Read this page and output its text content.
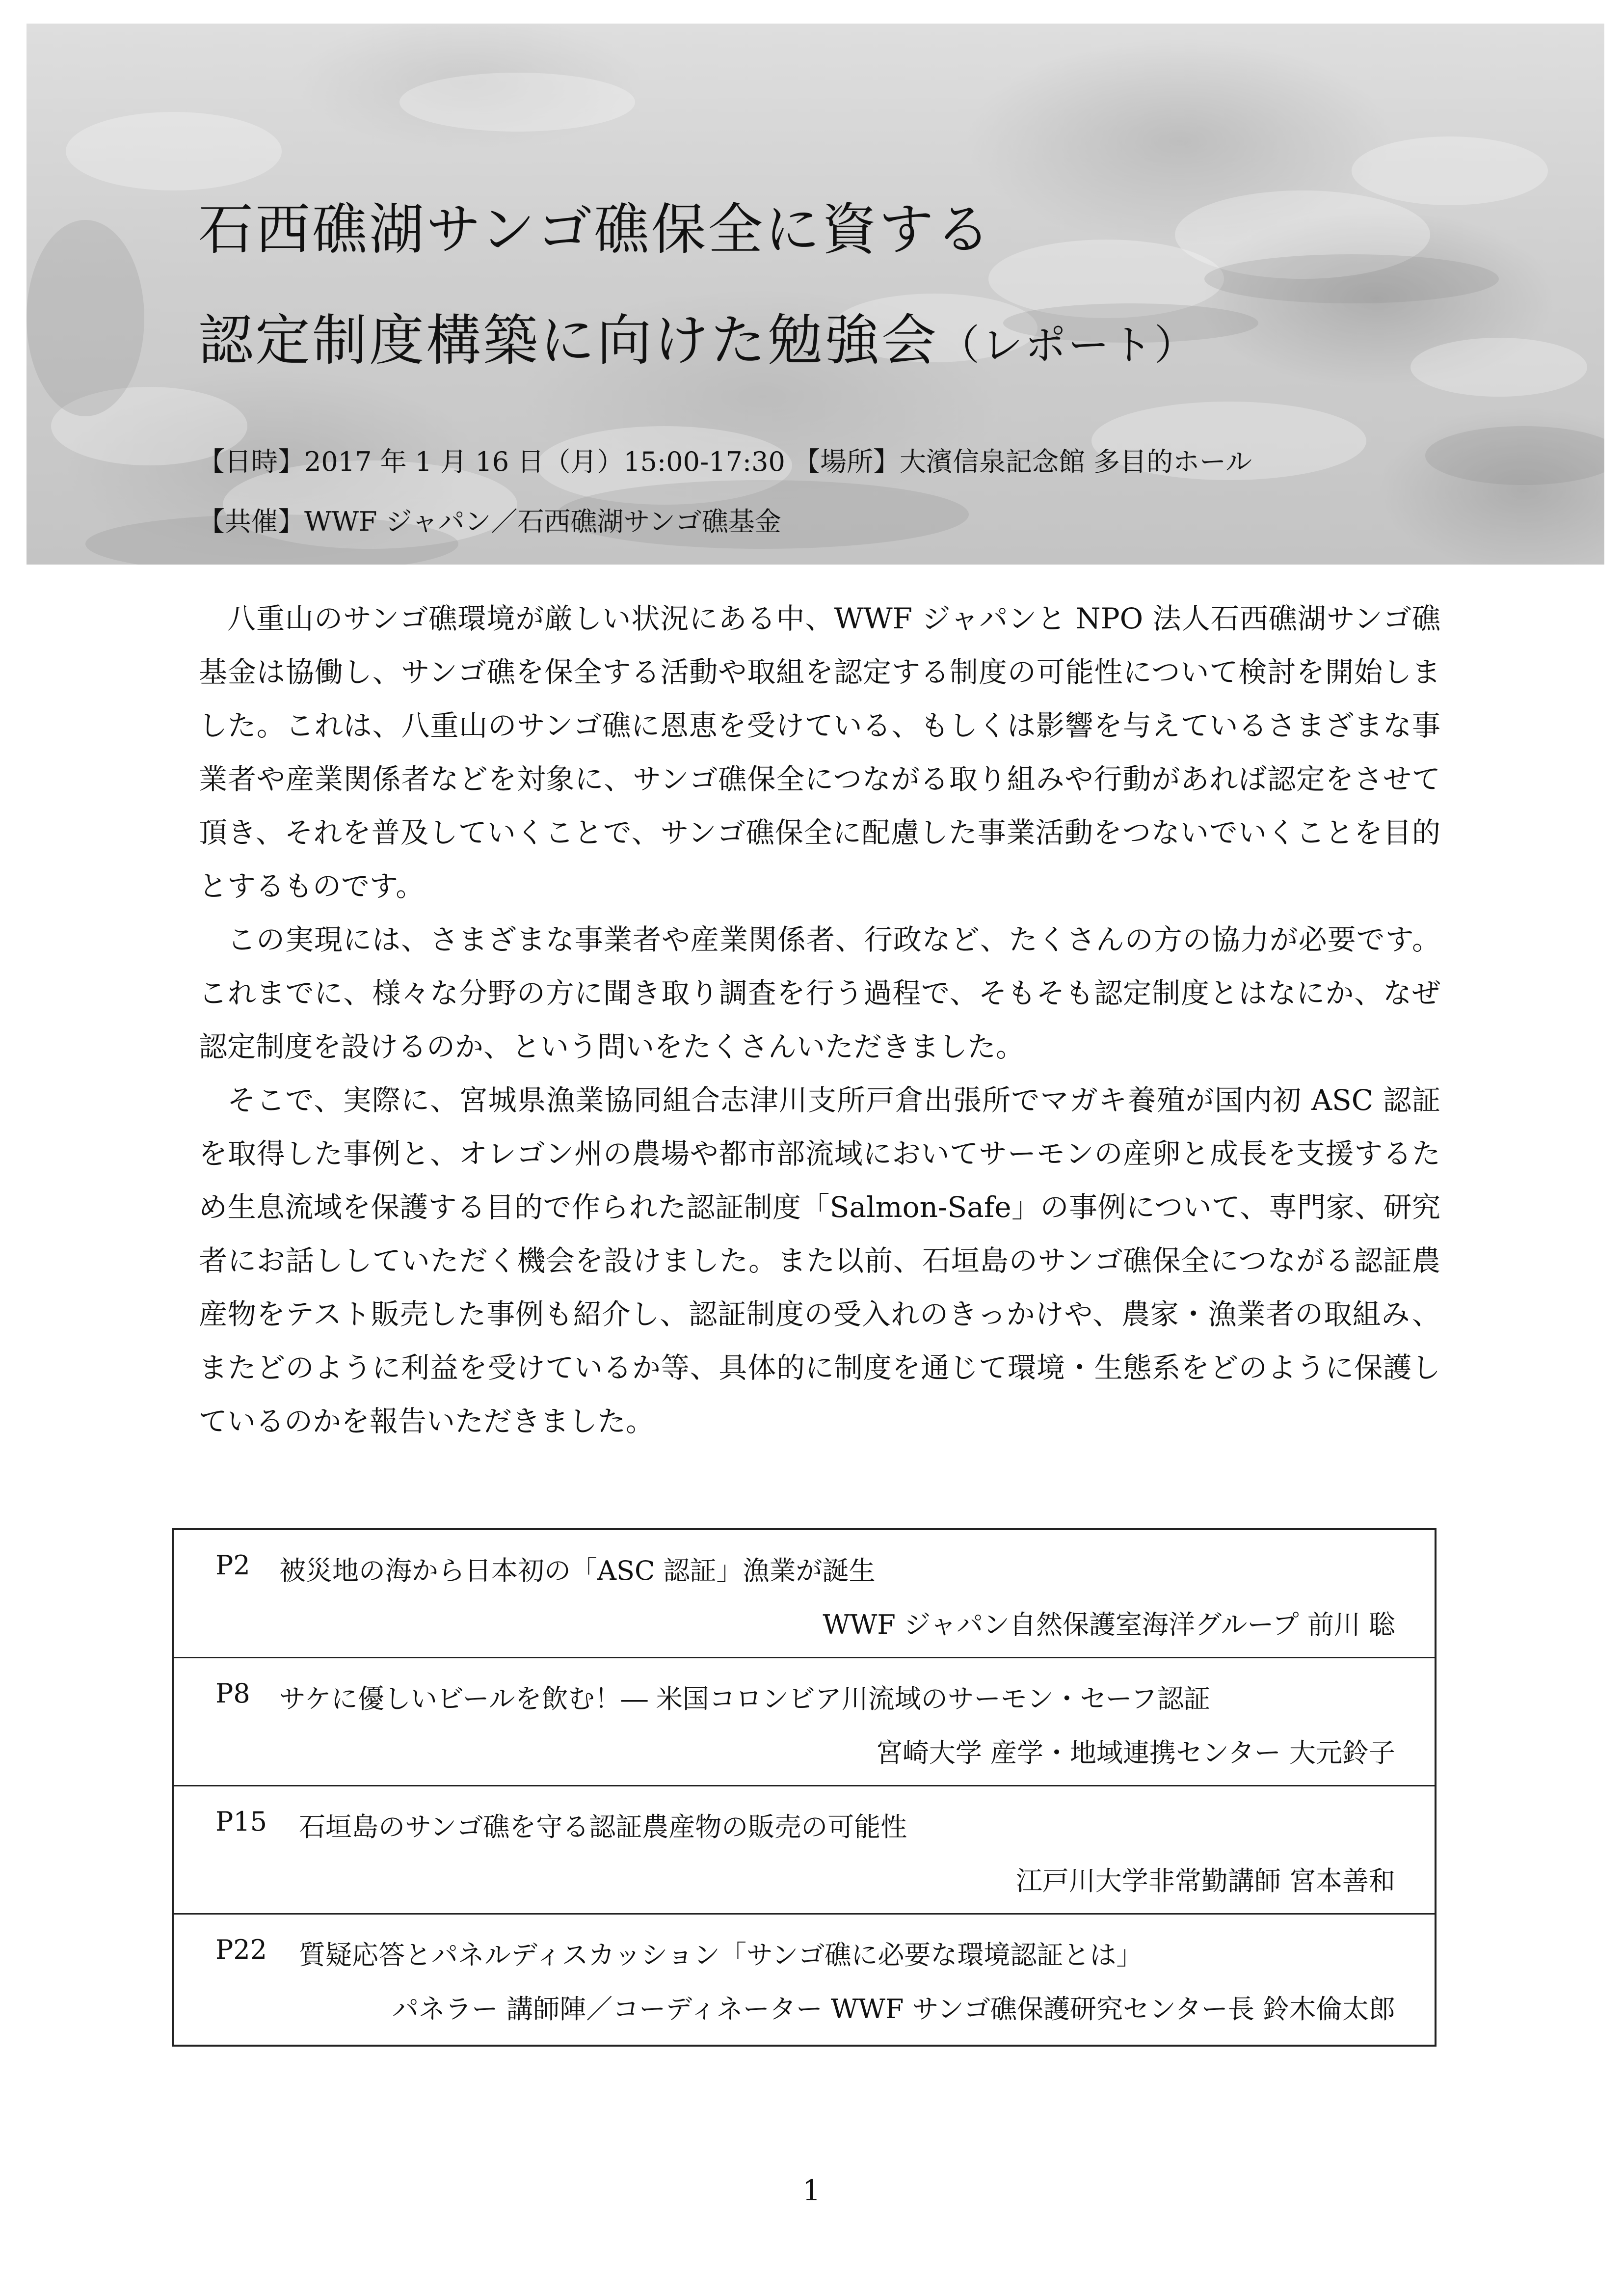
石西礁湖サンゴ礁保全に資する
認定制度構築に向けた勉強会（レポート）

【日時】2017 年 1 月 16 日（月）15:00-17:30 【場所】大濱信泉記念館 多目的ホール

【共催】WWF ジャパン／石西礁湖サンゴ礁基金

八重山のサンゴ礁環境が厳しい状況にある中、WWF ジャパンと NPO 法人石西礁湖サンゴ礁基金は協働し、サンゴ礁を保全する活動や取組を認定する制度の可能性について検討を開始しました。これは、八重山のサンゴ礁に恩恵を受けている、もしくは影響を与えているさまざまな事業者や産業関係者などを対象に、サンゴ礁保全につながる取り組みや行動があれば認定をさせて頂き、それを普及していくことで、サンゴ礁保全に配慮した事業活動をつないでいくことを目的とするものです。

この実現には、さまざまな事業者や産業関係者、行政など、たくさんの方の協力が必要です。これまでに、様々な分野の方に聞き取り調査を行う過程で、そもそも認定制度とはなにか、なぜ認定制度を設けるのか、という問いをたくさんいただきました。

そこで、実際に、宮城県漁業協同組合志津川支所戸倉出張所でマガキ養殖が国内初 ASC 認証を取得した事例と、オレゴン州の農場や都市部流域においてサーモンの産卵と成長を支援するため生息流域を保護する目的で作られた認証制度「Salmon-Safe」の事例について、専門家、研究者にお話ししていただく機会を設けました。また以前、石垣島のサンゴ礁保全につながる認証農産物をテスト販売した事例も紹介し、認証制度の受入れのきっかけや、農家・漁業者の取組み、またどのように利益を受けているか等、具体的に制度を通じて環境・生態系をどのように保護しているのかを報告いただきました。

P2 被災地の海から日本初の「ASC 認証」漁業が誕生
WWF ジャパン自然保護室海洋グループ 前川 聡
P8 サケに優しいビールを飲む！― 米国コロンビア川流域のサーモン・セーフ認証
宮崎大学 産学・地域連携センター 大元鈴子
P15 石垣島のサンゴ礁を守る認証農産物の販売の可能性
江戸川大学非常勤講師 宮本善和
P22 質疑応答とパネルディスカッション「サンゴ礁に必要な環境認証とは」
パネラー 講師陣／コーディネーター WWF サンゴ礁保護研究センター長 鈴木倫太郎
1
